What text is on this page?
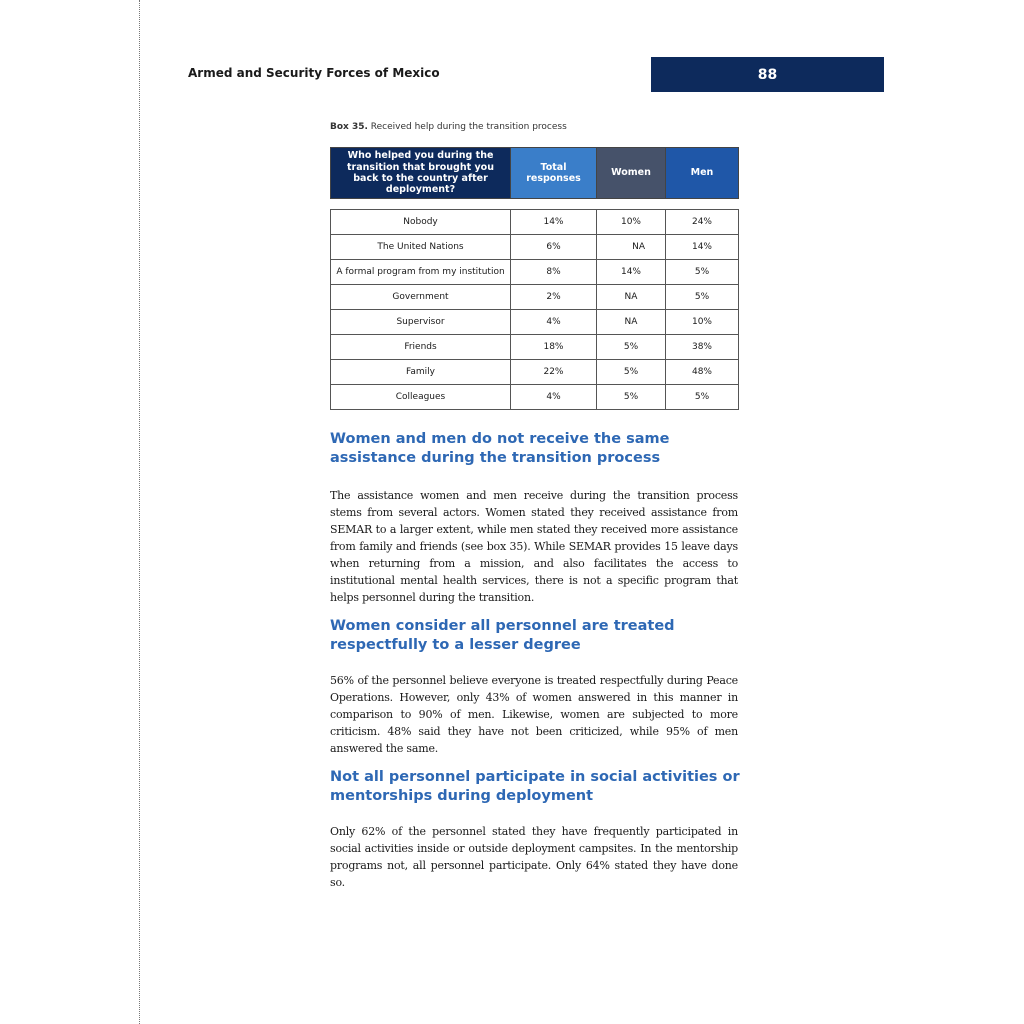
Armed and Security Forces of Mexico	88
Box 35. Received help during the transition process
Who helped you during the transition that brought you back to the country after deployment?	Total responses	Women	Men

Nobody	14%	10%	24%
The United Nations	6%	NA	14%
A formal program from my institution	8%	14%	5%
Government	2%	NA	5%
Supervisor	4%	NA	10%
Friends	18%	5%	38%
Family	22%	5%	48%
Colleagues	4%	5%	5%
Women and men do not receive the same assistance during the transition process
The assistance women and men receive during the transition process stems from several actors. Women stated they received assistance from SEMAR to a larger extent, while men stated they received more assistance from family and friends (see box 35). While SEMAR provides 15 leave days when returning from a mission, and also facilitates the access to institutional mental health services, there is not a specific program that helps personnel during the transition.
Women consider all personnel are treated respectfully to a lesser degree
56% of the personnel believe everyone is treated respectfully during Peace Operations. However, only 43% of women answered in this manner in comparison to 90% of men. Likewise, women are subjected to more criticism. 48% said they have not been criticized, while 95% of men answered the same.
Not all personnel participate in social activities or mentorships during deployment
Only 62% of the personnel stated they have frequently participated in social activities inside or outside deployment campsites. In the mentorship programs not, all personnel participate. Only 64% stated they have done so.
